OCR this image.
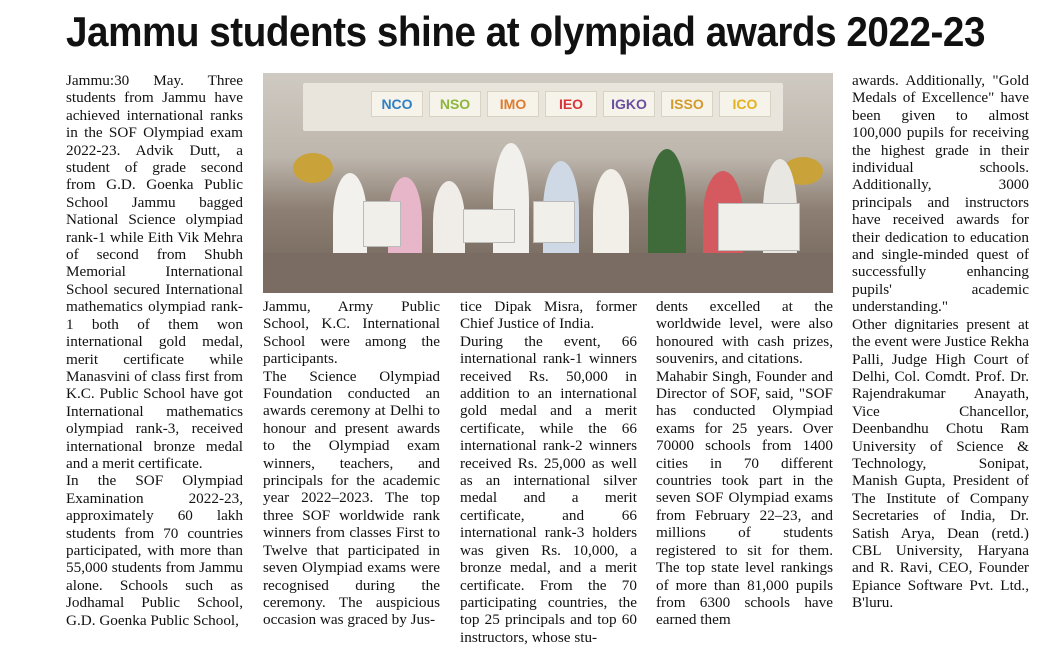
Jammu students shine at olympiad awards 2022-23

Jammu:30 May. Three students from Jammu have achieved international ranks in the SOF Olympiad exam 2022-23. Advik Dutt, a student of grade second from G.D. Goenka Public School Jammu bagged National Science olympiad rank-1 while Eith Vik Mehra of second from Shubh Memorial International School secured International mathematics olympiad rank-1 both of them won international gold medal, merit certificate while Manasvini of class first from K.C. Public School have got International mathematics olympiad rank-3, received international bronze medal and a merit certificate.

In the SOF Olympiad Examination 2022-23, approximately 60 lakh students from 70 countries participated, with more than 55,000 students from Jammu alone. Schools such as Jodhamal Public School, G.D. Goenka Public School,

NCO	NSO	IMO	IEO	IGKO	ISSO	ICO

Jammu, Army Public School, K.C. International School were among the participants.

The Science Olympiad Foundation conducted an awards ceremony at Delhi to honour and present awards to the Olympiad exam winners, teachers, and principals for the academic year 2022–2023. The top three SOF worldwide rank winners from classes First to Twelve that participated in seven Olympiad exams were recognised during the ceremony. The auspicious occasion was graced by Jus-

tice Dipak Misra, former Chief Justice of India.

During the event, 66 international rank-1 winners received Rs. 50,000 in addition to an international gold medal and a merit certificate, while the 66 international rank-2 winners received Rs. 25,000 as well as an international silver medal and a merit certificate, and 66 international rank-3 holders was given Rs. 10,000, a bronze medal, and a merit certificate. From the 70 participating countries, the top 25 principals and top 60 instructors, whose stu-

dents excelled at the worldwide level, were also honoured with cash prizes, souvenirs, and citations.

Mahabir Singh, Founder and Director of SOF, said, "SOF has conducted Olympiad exams for 25 years. Over 70000 schools from 1400 cities in 70 different countries took part in the seven SOF Olympiad exams from February 22–23, and millions of students registered to sit for them. The top state level rankings of more than 81,000 pupils from 6300 schools have earned them

awards. Additionally, "Gold Medals of Excellence" have been given to almost 100,000 pupils for receiving the highest grade in their individual schools. Additionally, 3000 principals and instructors have received awards for their dedication to education and single-minded quest of successfully enhancing pupils' academic understanding."

Other dignitaries present at the event were Justice Rekha Palli, Judge High Court of Delhi, Col. Comdt. Prof. Dr. Rajendrakumar Anayath, Vice Chancellor, Deenbandhu Chotu Ram University of Science & Technology, Sonipat, Manish Gupta, President of The Institute of Company Secretaries of India, Dr. Satish Arya, Dean (retd.) CBL University, Haryana and R. Ravi, CEO, Founder Epiance Software Pvt. Ltd., B'luru.
